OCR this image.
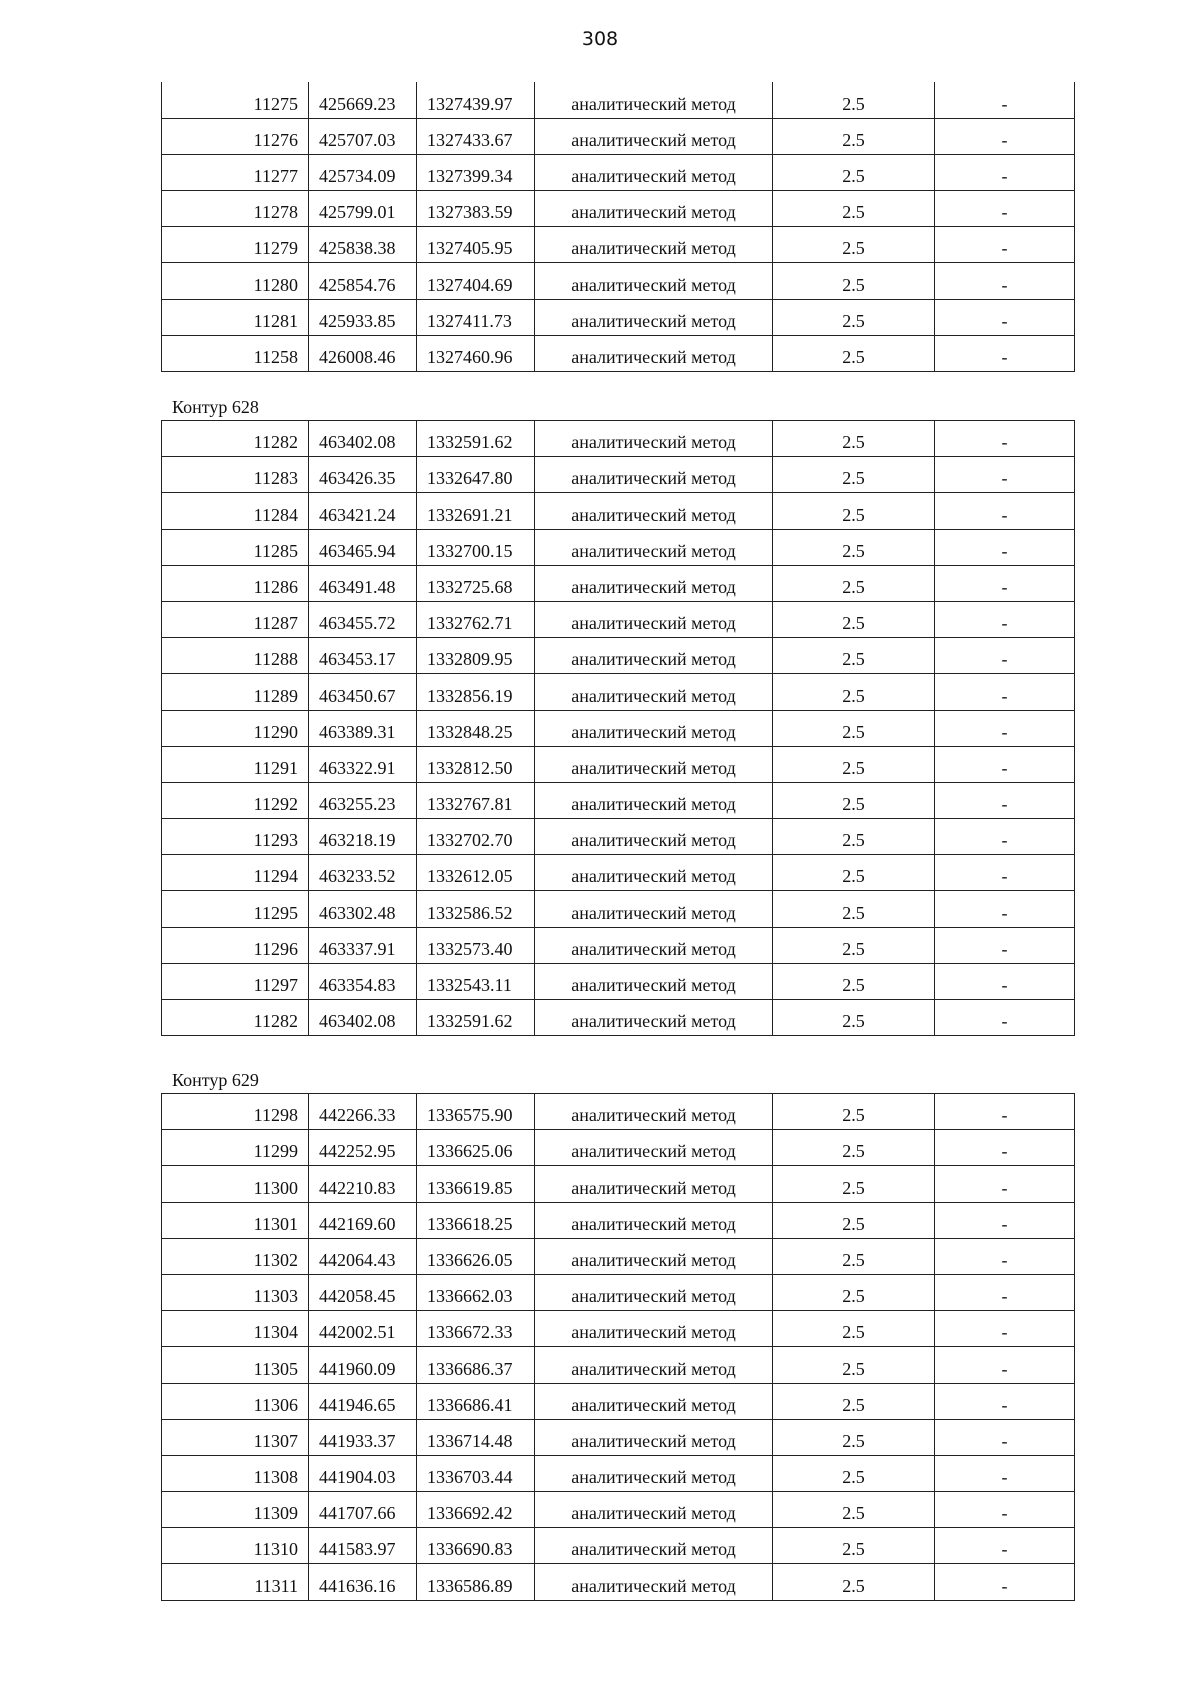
308
11275	425669.23	1327439.97	аналитический метод	2.5	-
11276	425707.03	1327433.67	аналитический метод	2.5	-
11277	425734.09	1327399.34	аналитический метод	2.5	-
11278	425799.01	1327383.59	аналитический метод	2.5	-
11279	425838.38	1327405.95	аналитический метод	2.5	-
11280	425854.76	1327404.69	аналитический метод	2.5	-
11281	425933.85	1327411.73	аналитический метод	2.5	-
11258	426008.46	1327460.96	аналитический метод	2.5	-
Контур 628
11282	463402.08	1332591.62	аналитический метод	2.5	-
11283	463426.35	1332647.80	аналитический метод	2.5	-
11284	463421.24	1332691.21	аналитический метод	2.5	-
11285	463465.94	1332700.15	аналитический метод	2.5	-
11286	463491.48	1332725.68	аналитический метод	2.5	-
11287	463455.72	1332762.71	аналитический метод	2.5	-
11288	463453.17	1332809.95	аналитический метод	2.5	-
11289	463450.67	1332856.19	аналитический метод	2.5	-
11290	463389.31	1332848.25	аналитический метод	2.5	-
11291	463322.91	1332812.50	аналитический метод	2.5	-
11292	463255.23	1332767.81	аналитический метод	2.5	-
11293	463218.19	1332702.70	аналитический метод	2.5	-
11294	463233.52	1332612.05	аналитический метод	2.5	-
11295	463302.48	1332586.52	аналитический метод	2.5	-
11296	463337.91	1332573.40	аналитический метод	2.5	-
11297	463354.83	1332543.11	аналитический метод	2.5	-
11282	463402.08	1332591.62	аналитический метод	2.5	-
Контур 629
11298	442266.33	1336575.90	аналитический метод	2.5	-
11299	442252.95	1336625.06	аналитический метод	2.5	-
11300	442210.83	1336619.85	аналитический метод	2.5	-
11301	442169.60	1336618.25	аналитический метод	2.5	-
11302	442064.43	1336626.05	аналитический метод	2.5	-
11303	442058.45	1336662.03	аналитический метод	2.5	-
11304	442002.51	1336672.33	аналитический метод	2.5	-
11305	441960.09	1336686.37	аналитический метод	2.5	-
11306	441946.65	1336686.41	аналитический метод	2.5	-
11307	441933.37	1336714.48	аналитический метод	2.5	-
11308	441904.03	1336703.44	аналитический метод	2.5	-
11309	441707.66	1336692.42	аналитический метод	2.5	-
11310	441583.97	1336690.83	аналитический метод	2.5	-
11311	441636.16	1336586.89	аналитический метод	2.5	-
